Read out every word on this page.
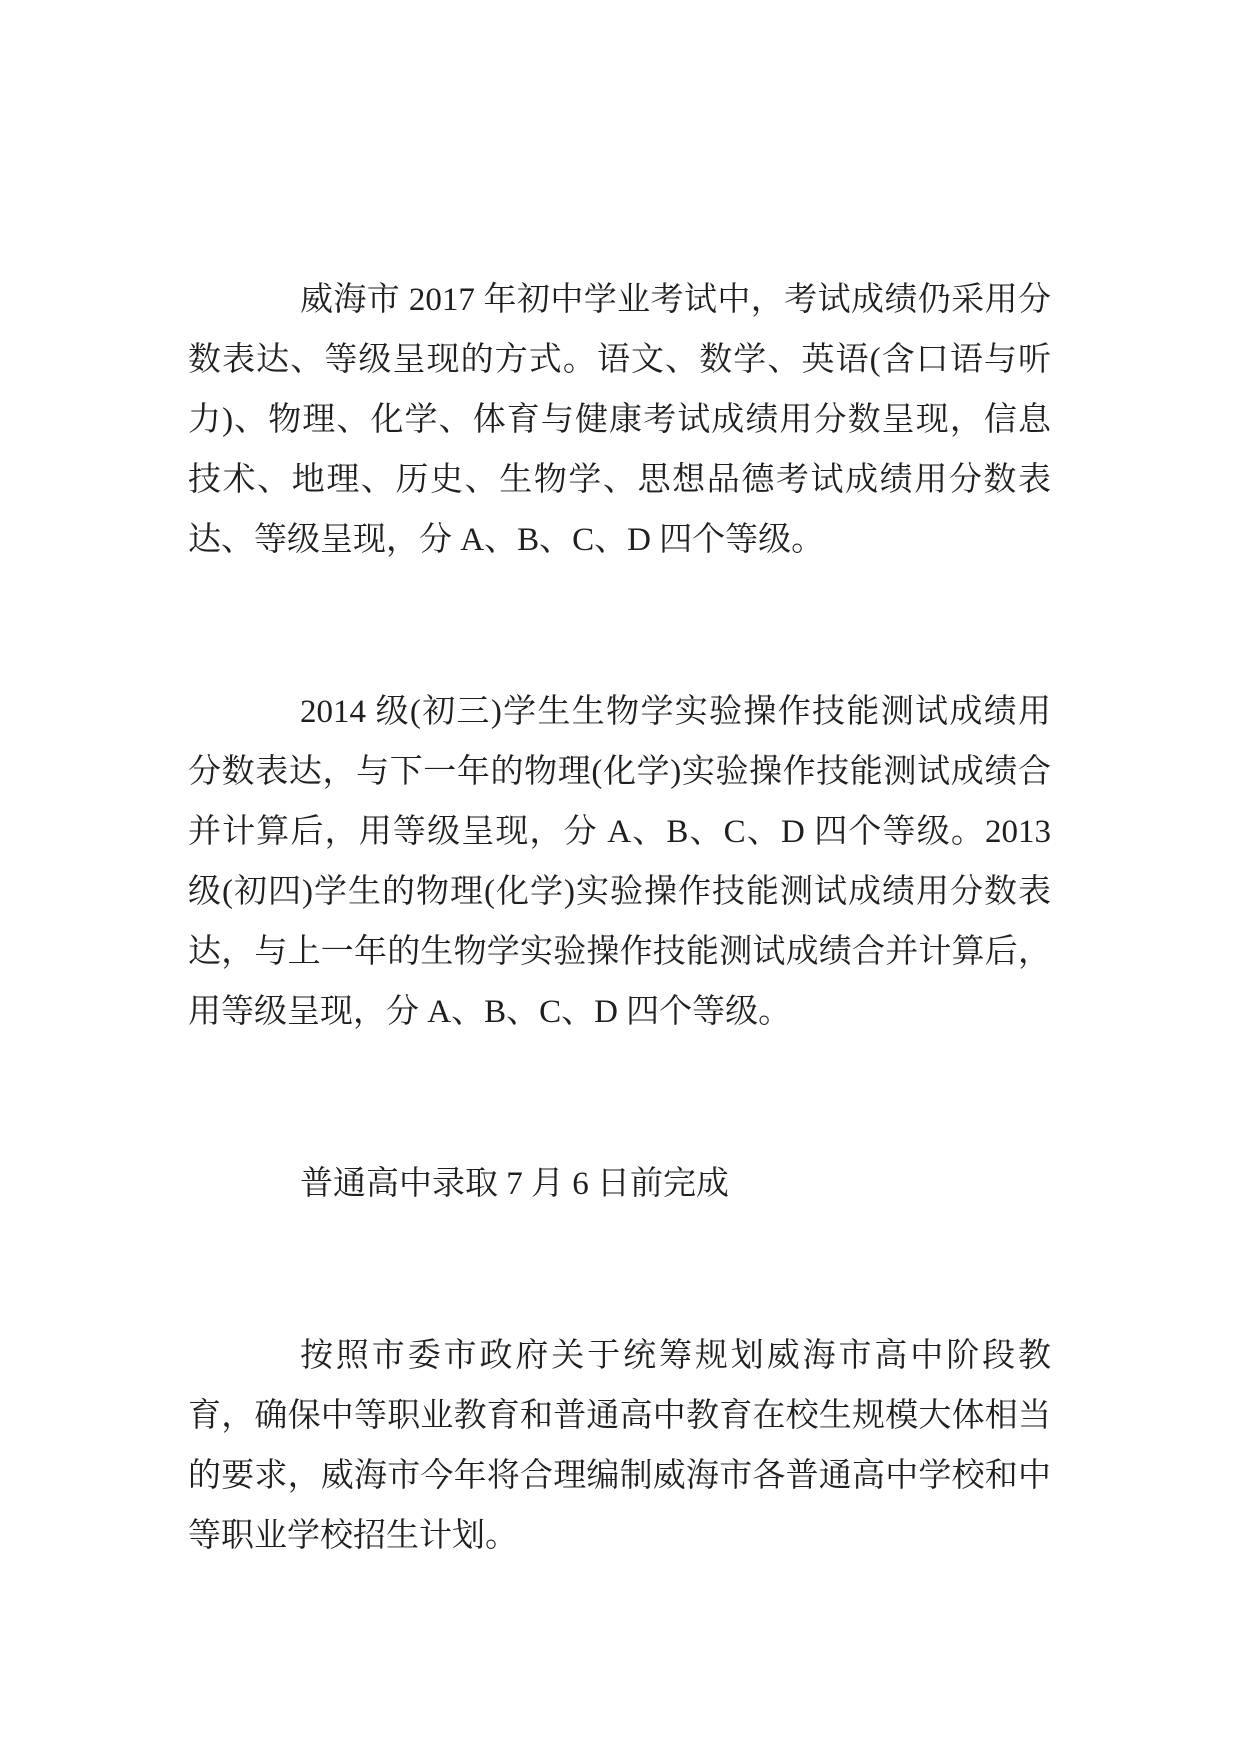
威海市 2017 年初中学业考试中，考试成绩仍采用分数表达、等级呈现的方式。语文、数学、英语(含口语与听力)、物理、化学、体育与健康考试成绩用分数呈现，信息技术、地理、历史、生物学、思想品德考试成绩用分数表达、等级呈现，分 A、B、C、D 四个等级。

2014 级(初三)学生生物学实验操作技能测试成绩用分数表达，与下一年的物理(化学)实验操作技能测试成绩合并计算后，用等级呈现，分 A、B、C、D 四个等级。2013 级(初四)学生的物理(化学)实验操作技能测试成绩用分数表达，与上一年的生物学实验操作技能测试成绩合并计算后，用等级呈现，分 A、B、C、D 四个等级。

普通高中录取 7 月 6 日前完成

按照市委市政府关于统筹规划威海市高中阶段教育，确保中等职业教育和普通高中教育在校生规模大体相当的要求，威海市今年将合理编制威海市各普通高中学校和中等职业学校招生计划。
